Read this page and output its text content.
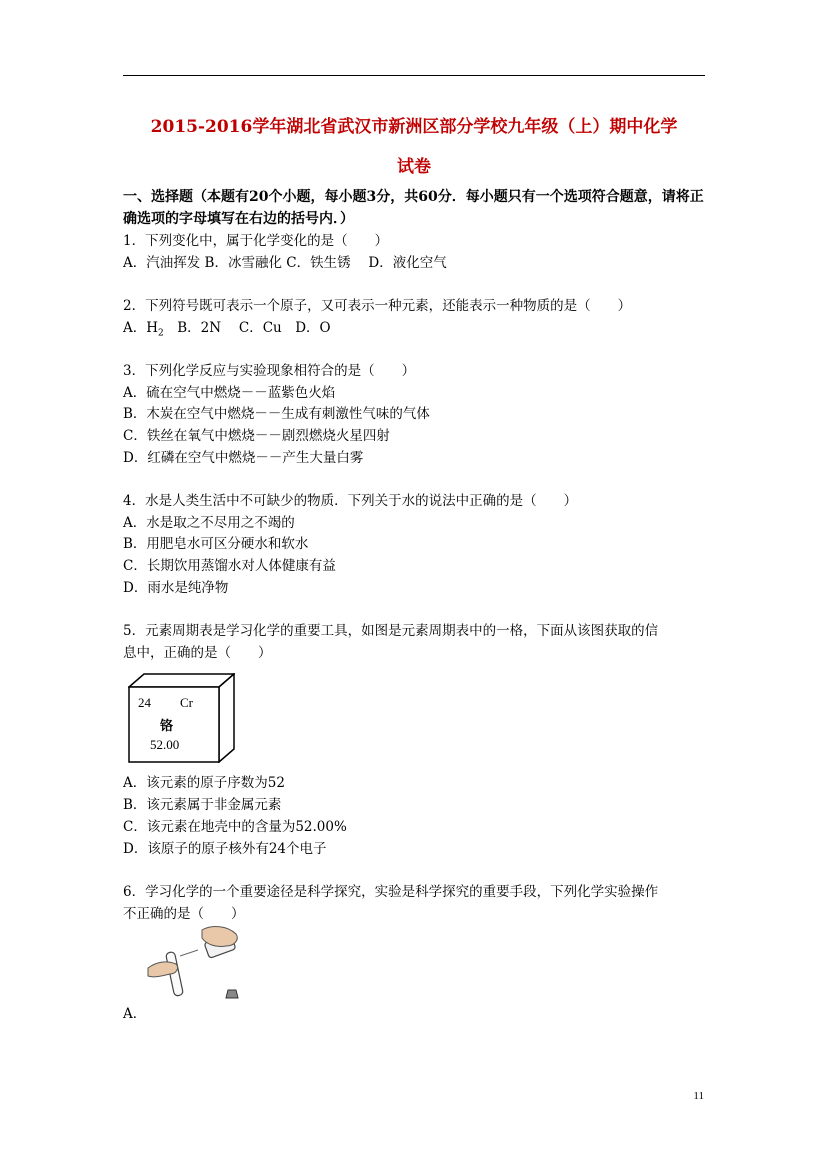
2015-2016学年湖北省武汉市新洲区部分学校九年级（上）期中化学
试卷
一、选择题（本题有20个小题，每小题3分，共60分．每小题只有一个选项符合题意，请将正确选项的字母填写在右边的括号内．）
1．下列变化中，属于化学变化的是（　　）
A．汽油挥发 B．冰雪融化 C．铁生锈　 D．液化空气
2．下列符号既可表示一个原子，又可表示一种元素，还能表示一种物质的是（　　）
A．$H_2$　B．2N　 C．Cu　D．O
3．下列化学反应与实验现象相符合的是（　　）
A．硫在空气中燃烧－－蓝紫色火焰
B．木炭在空气中燃烧－－生成有刺激性气味的气体
C．铁丝在氧气中燃烧－－剧烈燃烧火星四射
D．红磷在空气中燃烧－－产生大量白雾
4．水是人类生活中不可缺少的物质．下列关于水的说法中正确的是（　　）
A．水是取之不尽用之不竭的
B．用肥皂水可区分硬水和软水
C．长期饮用蒸馏水对人体健康有益
D．雨水是纯净物
5．元素周期表是学习化学的重要工具，如图是元素周期表中的一格，下面从该图获取的信
息中，正确的是（　　）
24 Cr
铬
52.00
A．该元素的原子序数为52
B．该元素属于非金属元素
C．该元素在地壳中的含量为52.00%
D．该原子的原子核外有24个电子
6．学习化学的一个重要途径是科学探究，实验是科学探究的重要手段，下列化学实验操作
不正确的是（　　）
A．
11
